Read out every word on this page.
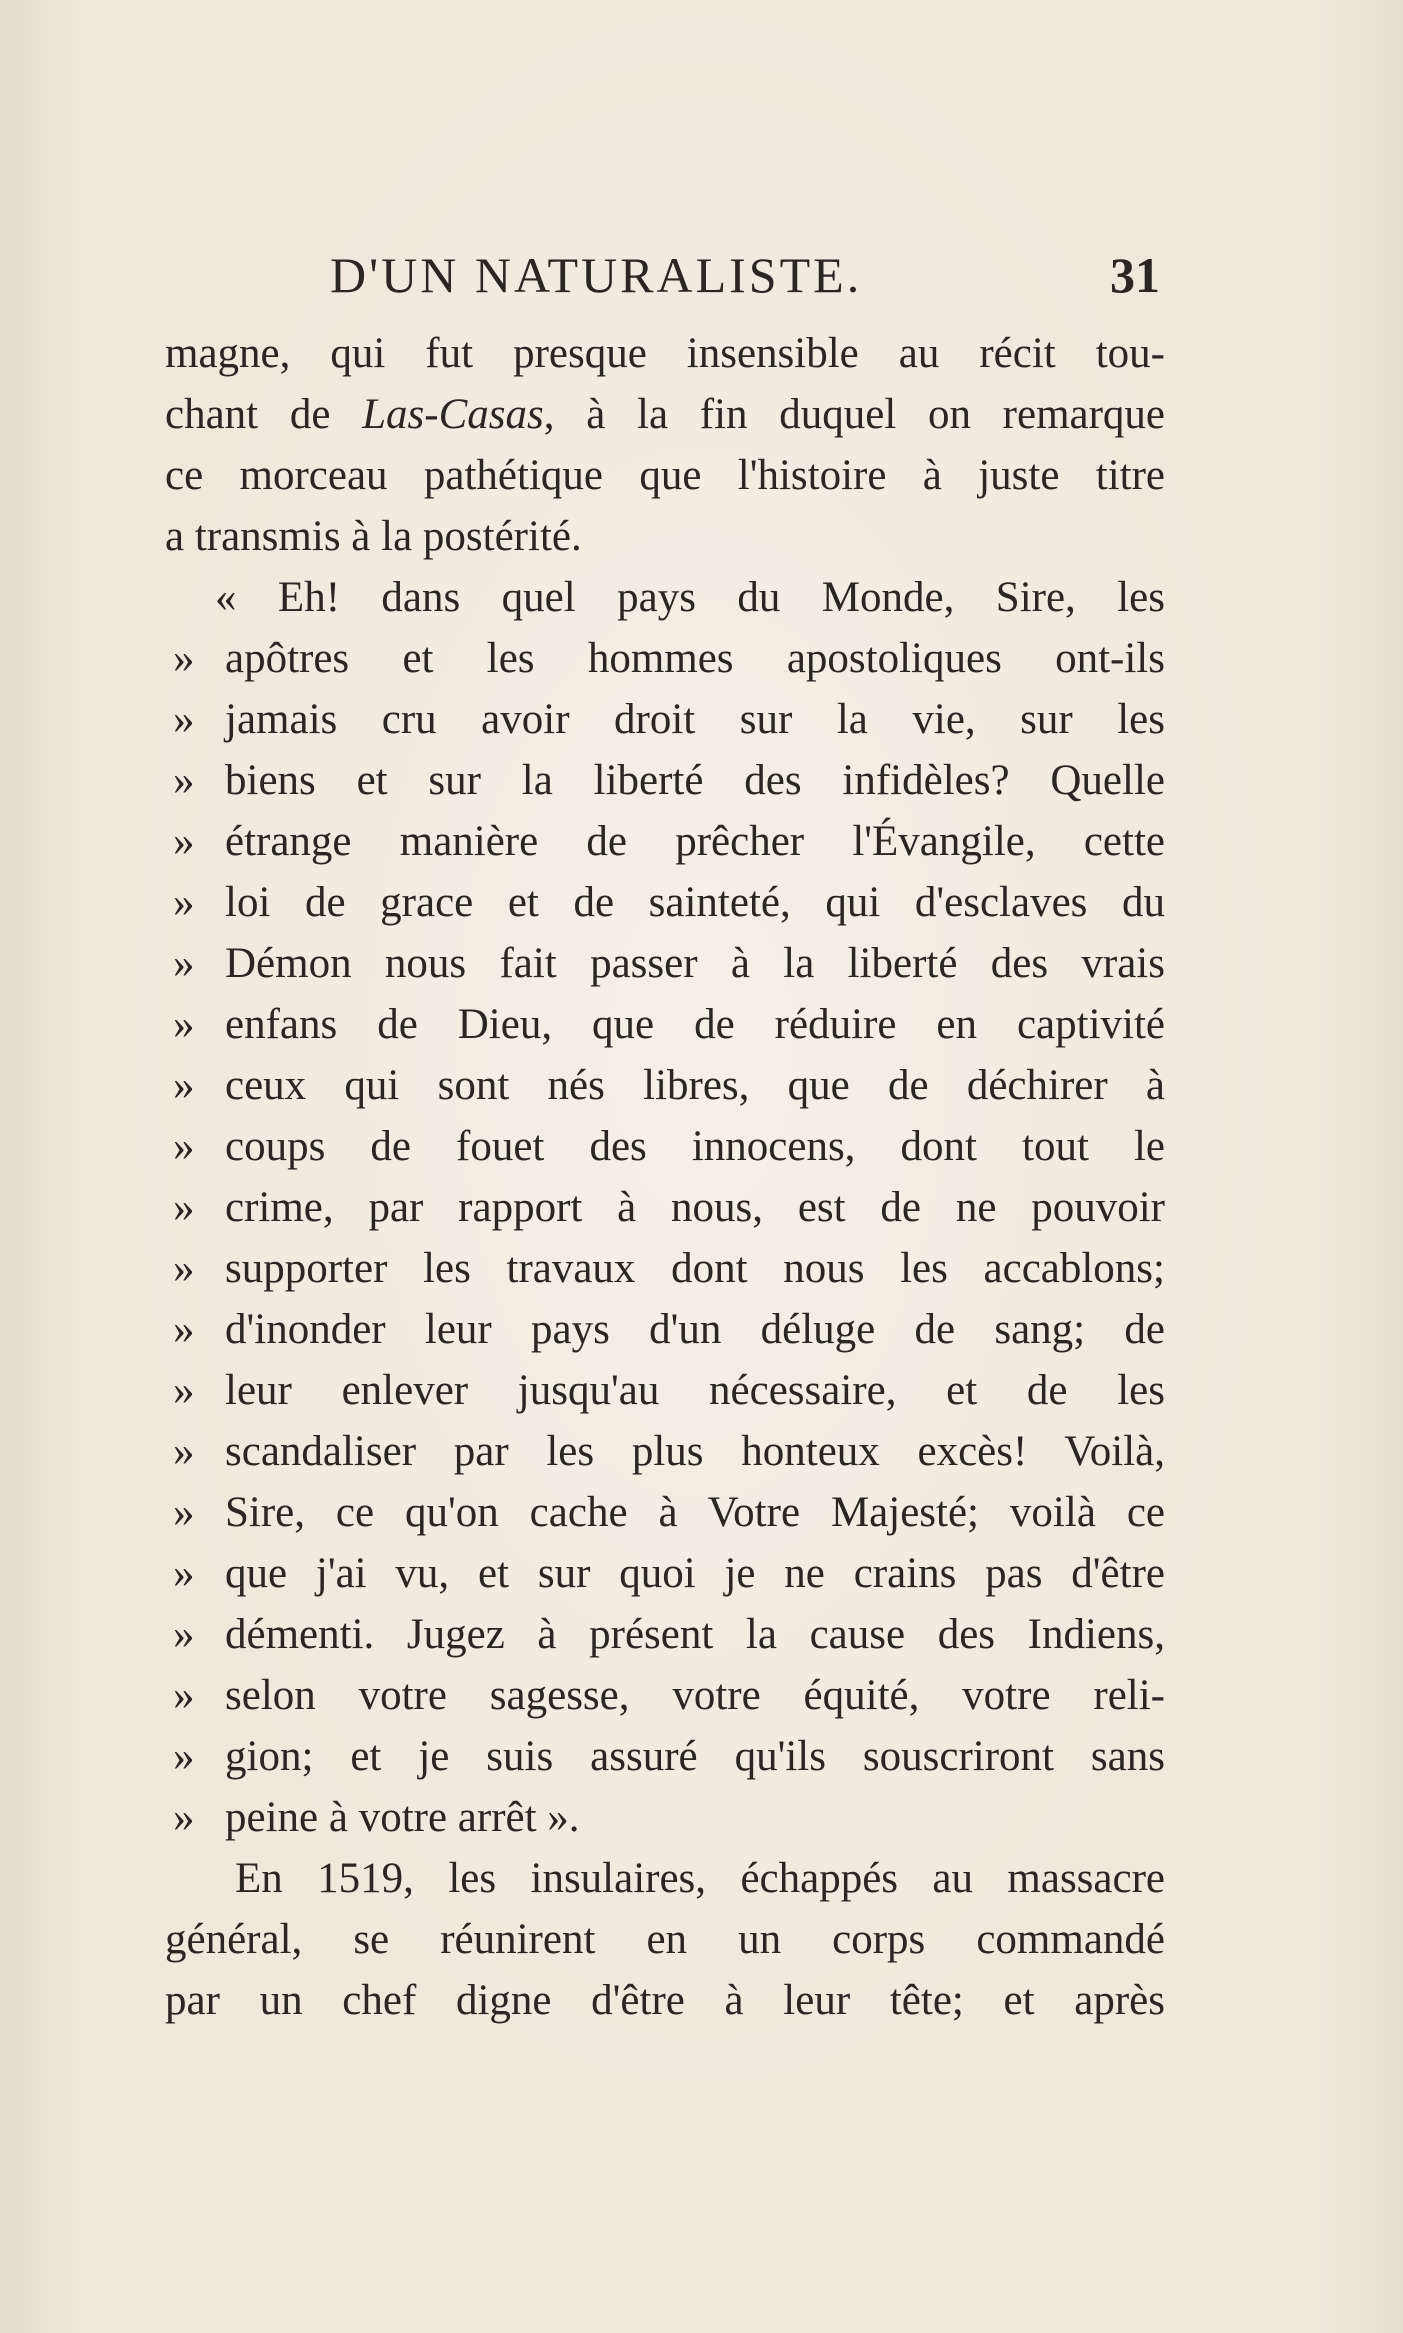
D'UN NATURALISTE.	31
magne, qui fut presque insensible au récit tou-
chant de Las-Casas, à la fin duquel on remarque
ce morceau pathétique que l'histoire à juste titre
a transmis à la postérité.
« Eh! dans quel pays du Monde, Sire, les
» apôtres et les hommes apostoliques ont-ils
» jamais cru avoir droit sur la vie, sur les
» biens et sur la liberté des infidèles? Quelle
» étrange manière de prêcher l'Évangile, cette
» loi de grace et de sainteté, qui d'esclaves du
» Démon nous fait passer à la liberté des vrais
» enfans de Dieu, que de réduire en captivité
» ceux qui sont nés libres, que de déchirer à
» coups de fouet des innocens, dont tout le
» crime, par rapport à nous, est de ne pouvoir
» supporter les travaux dont nous les accablons;
» d'inonder leur pays d'un déluge de sang; de
» leur enlever jusqu'au nécessaire, et de les
» scandaliser par les plus honteux excès! Voilà,
» Sire, ce qu'on cache à Votre Majesté; voilà ce
» que j'ai vu, et sur quoi je ne crains pas d'être
» démenti. Jugez à présent la cause des Indiens,
» selon votre sagesse, votre équité, votre reli-
» gion; et je suis assuré qu'ils souscriront sans
» peine à votre arrêt ».
En 1519, les insulaires, échappés au massacre
général, se réunirent en un corps commandé
par un chef digne d'être à leur tête; et après
